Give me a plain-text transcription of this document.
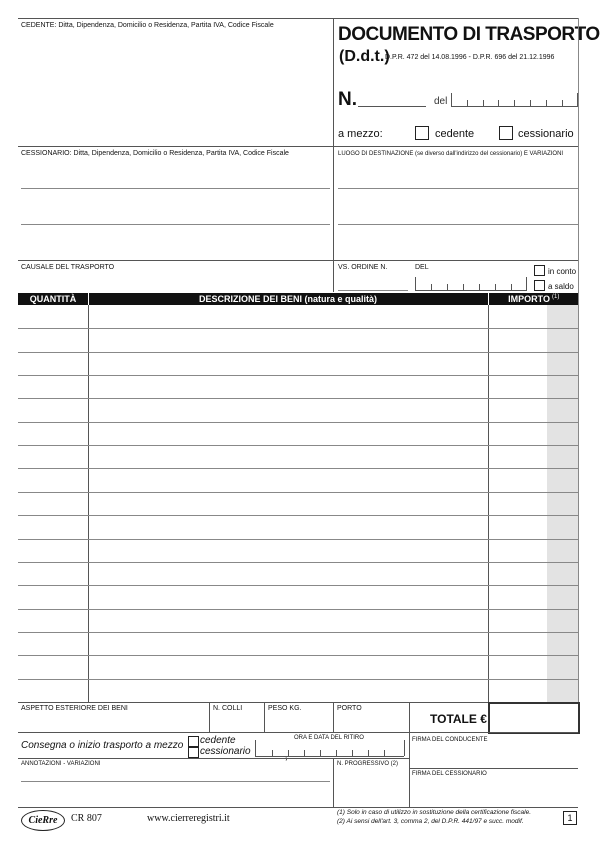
CEDENTE: Ditta, Dipendenza, Domicilio o Residenza, Partita IVA, Codice Fiscale	DOCUMENTO DI TRASPORTO
(D.d.t.)
D.P.R. 472 del 14.08.1996 - D.P.R. 696 del 21.12.1996
N.	del
a mezzo:	cedente	cessionario
CESSIONARIO: Ditta, Dipendenza, Domicilio o Residenza, Partita IVA, Codice Fiscale	LUOGO DI DESTINAZIONE (se diverso dall'indirizzo del cessionario) E VARIAZIONI
CAUSALE DEL TRASPORTO	VS. ORDINE N.	DEL	in conto
a saldo
QUANTITÀ	DESCRIZIONE DEI BENI (natura e qualità)	IMPORTO (1)
ASPETTO ESTERIORE DEI BENI	N. COLLI	PESO KG.	PORTO
TOTALE €
Consegna o inizio trasporto a mezzo cedente
cessionario
ORA E DATA DEL RITIRO
,
FIRMA DEL CONDUCENTE
ANNOTAZIONI - VARIAZIONI	N. PROGRESSIVO (2)
FIRMA DEL CESSIONARIO
CieRre	CR 807	www.cierreregistri.it
(1) Solo in caso di utilizzo in sostituzione della certificazione fiscale.
(2) Ai sensi dell'art. 3, comma 2, del D.P.R. 441/97 e succ. modif.	1
